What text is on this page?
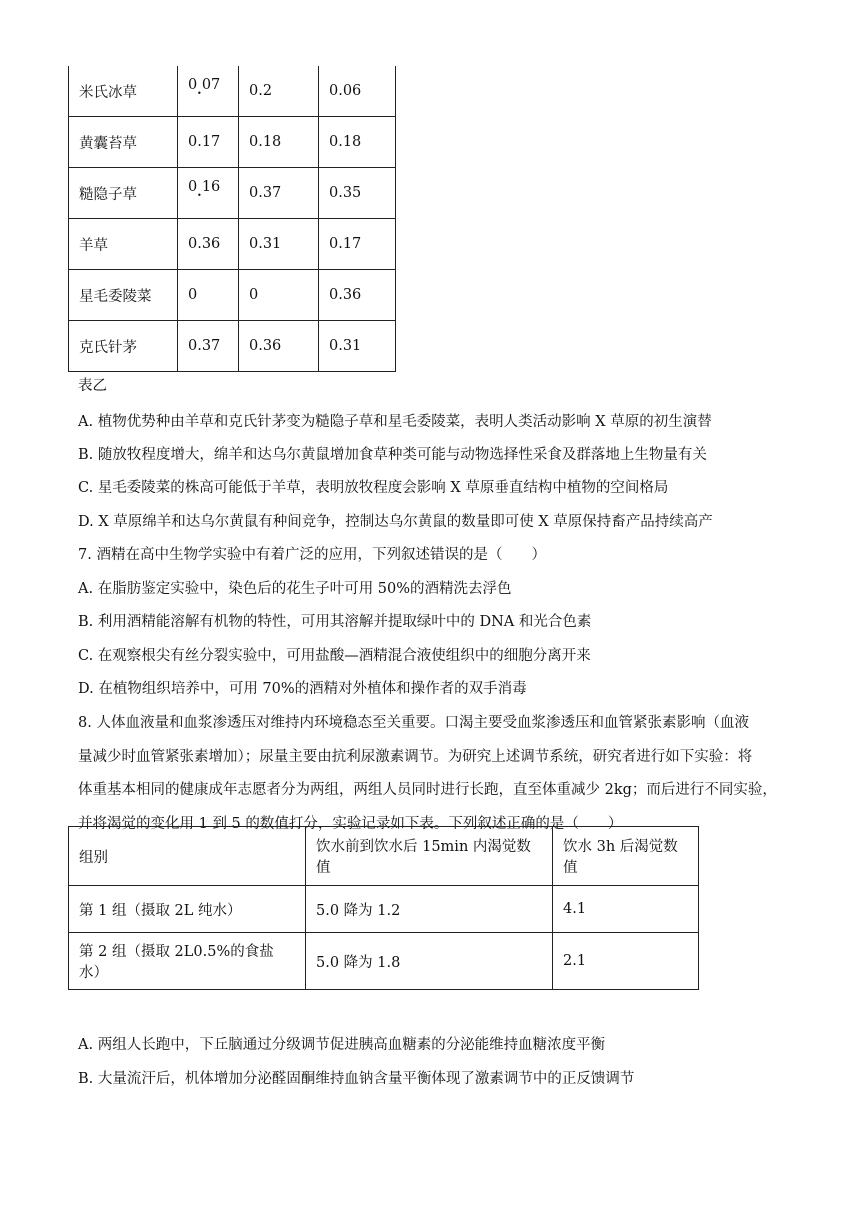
米氏冰草	0 07 •	0.2	0.06
黄囊苔草	0.17	0.18	0.18
糙隐子草	0 16 •	0.37	0.35
羊草	0.36	0.31	0.17
星毛委陵菜	0	0	0.36
克氏针茅	0.37	0.36	0.31
表乙
A. 植物优势种由羊草和克氏针茅变为糙隐子草和星毛委陵菜，表明人类活动影响 X 草原的初生演替
B. 随放牧程度增大，绵羊和达乌尔黄鼠增加食草种类可能与动物选择性采食及群落地上生物量有关
C. 星毛委陵菜的株高可能低于羊草，表明放牧程度会影响 X 草原垂直结构中植物的空间格局
D. X 草原绵羊和达乌尔黄鼠有种间竞争，控制达乌尔黄鼠的数量即可使 X 草原保持畜产品持续高产
7. 酒精在高中生物学实验中有着广泛的应用，下列叙述错误的是（　　）
A. 在脂肪鉴定实验中，染色后的花生子叶可用 50%的酒精洗去浮色
B. 利用酒精能溶解有机物的特性，可用其溶解并提取绿叶中的 DNA 和光合色素
C. 在观察根尖有丝分裂实验中，可用盐酸—酒精混合液使组织中的细胞分离开来
D. 在植物组织培养中，可用 70%的酒精对外植体和操作者的双手消毒
8. 人体血液量和血浆渗透压对维持内环境稳态至关重要。口渴主要受血浆渗透压和血管紧张素影响（血液
量减少时血管紧张素增加）；尿量主要由抗利尿激素调节。为研究上述调节系统，研究者进行如下实验：将
体重基本相同的健康成年志愿者分为两组，两组人员同时进行长跑，直至体重减少 2kg；而后进行不同实验，
并将渴觉的变化用 1 到 5 的数值打分，实验记录如下表。下列叙述正确的是（　　）
组别	饮水前到饮水后 15min 内渴觉数值	饮水 3h 后渴觉数值
第 1 组（摄取 2L 纯水）	5.0 降为 1.2	4.1
第 2 组（摄取 2L0.5%的食盐水）	5.0 降为 1.8	2.1
A. 两组人长跑中，下丘脑通过分级调节促进胰高血糖素的分泌能维持血糖浓度平衡
B. 大量流汗后，机体增加分泌醛固酮维持血钠含量平衡体现了激素调节中的正反馈调节
